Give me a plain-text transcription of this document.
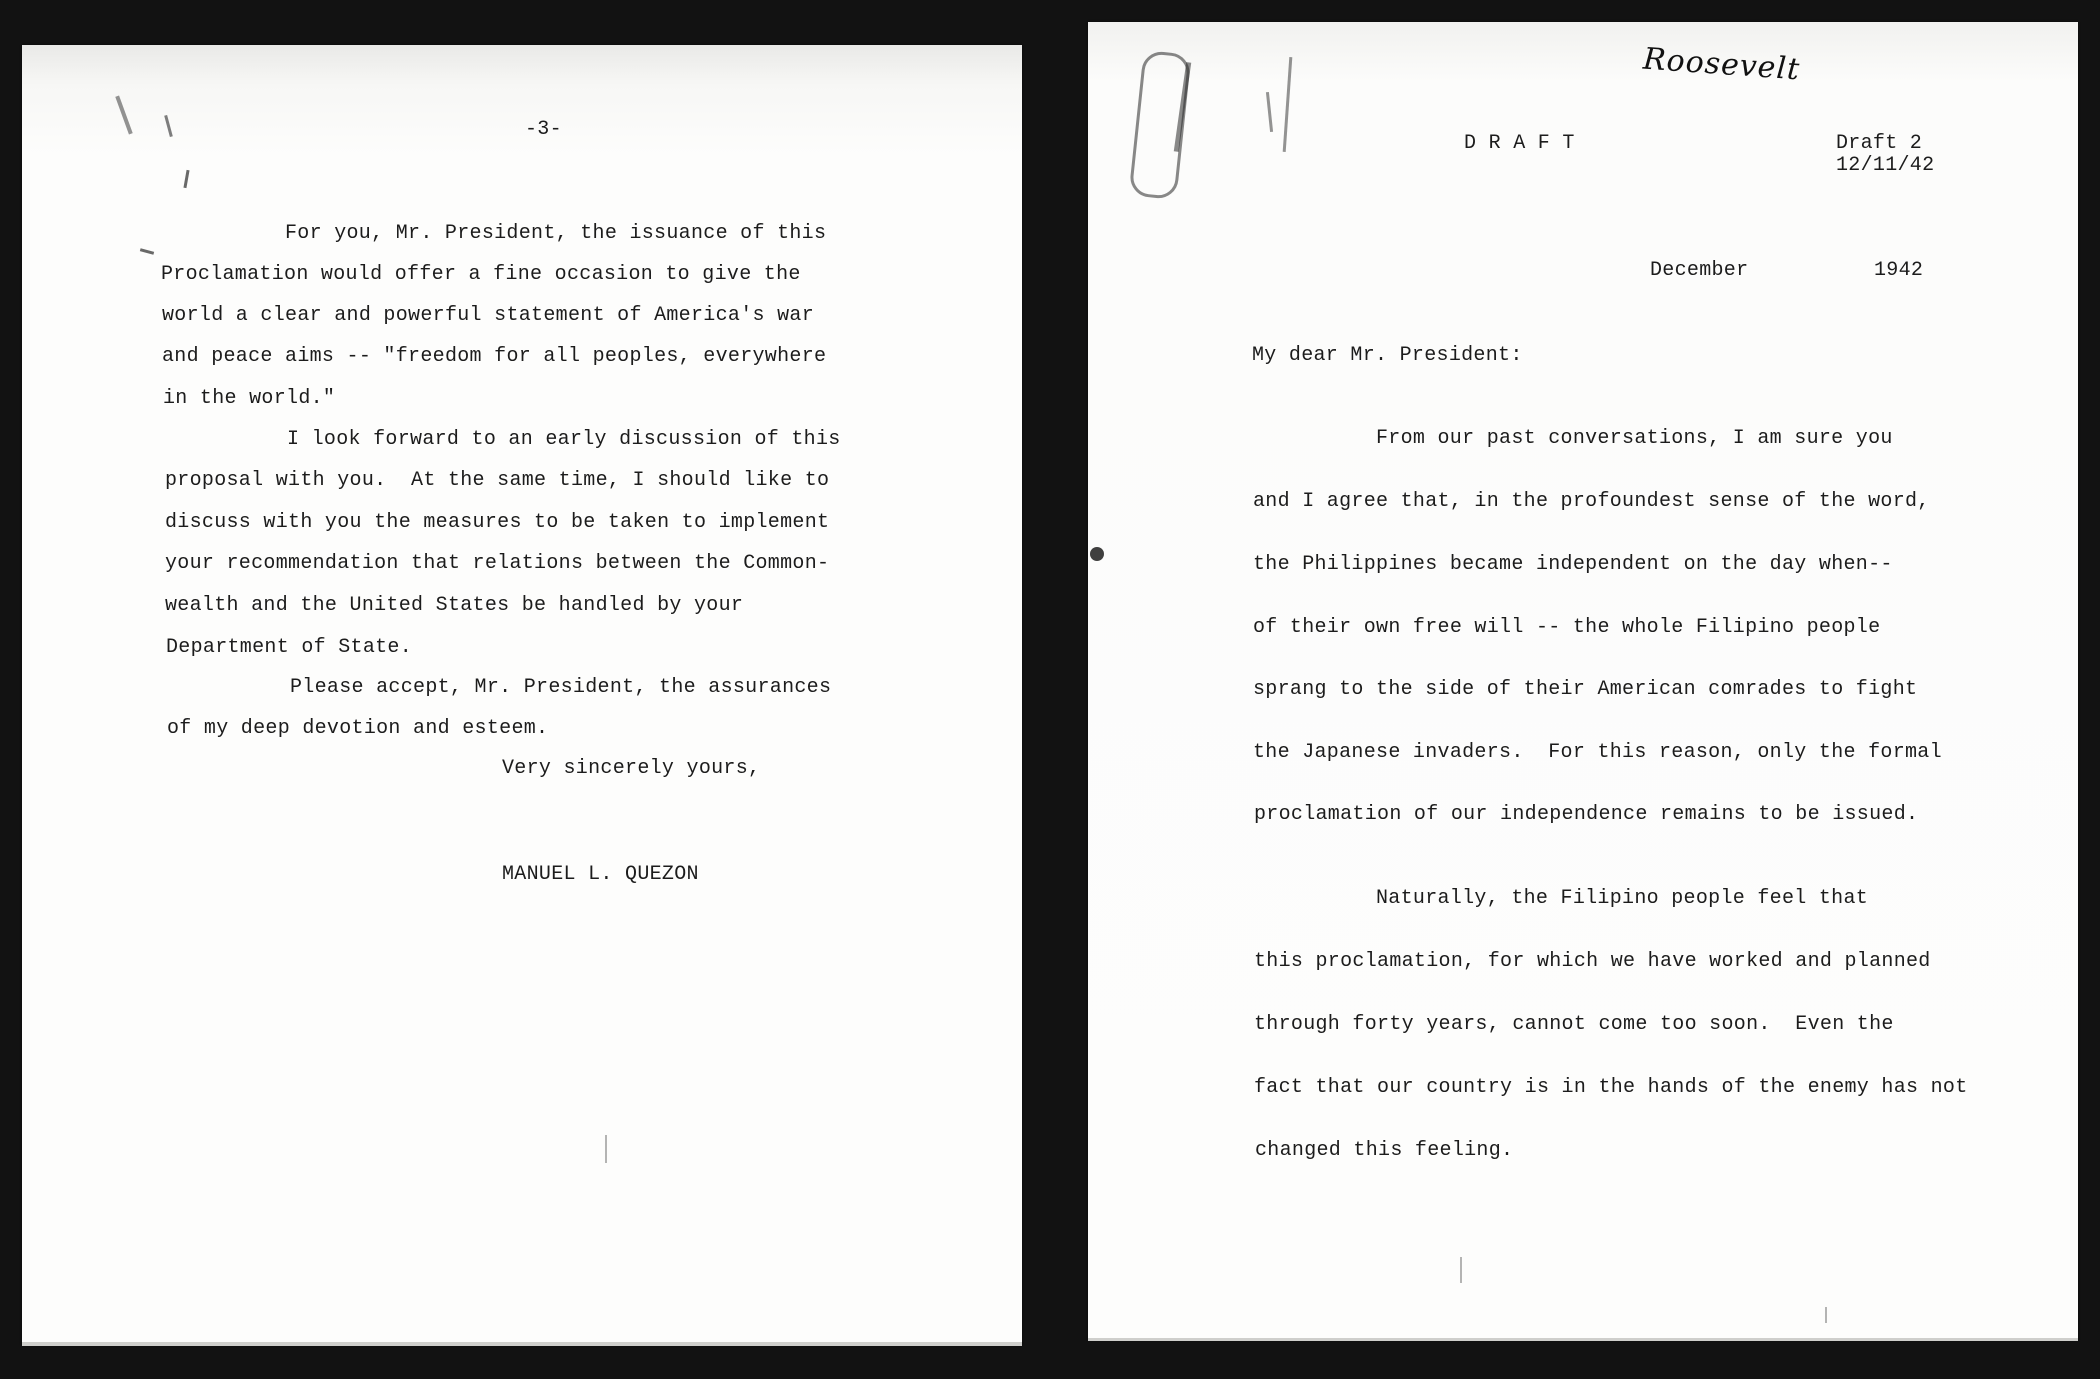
-3-
For you, Mr. President, the issuance of this
Proclamation would offer a fine occasion to give the
world a clear and powerful statement of America's war
and peace aims -- "freedom for all peoples, everywhere
in the world."
I look forward to an early discussion of this
proposal with you.  At the same time, I should like to
discuss with you the measures to be taken to implement
your recommendation that relations between the Common-
wealth and the United States be handled by your
Department of State.
Please accept, Mr. President, the assurances
of my deep devotion and esteem.
Very sincerely yours,
MANUEL L. QUEZON
Roosevelt
D R A F T	Draft 2
12/11/42
December	1942
My dear Mr. President:
From our past conversations, I am sure you
and I agree that, in the profoundest sense of the word,
the Philippines became independent on the day when--
of their own free will -- the whole Filipino people
sprang to the side of their American comrades to fight
the Japanese invaders.  For this reason, only the formal
proclamation of our independence remains to be issued.
Naturally, the Filipino people feel that
this proclamation, for which we have worked and planned
through forty years, cannot come too soon.  Even the
fact that our country is in the hands of the enemy has not
changed this feeling.
